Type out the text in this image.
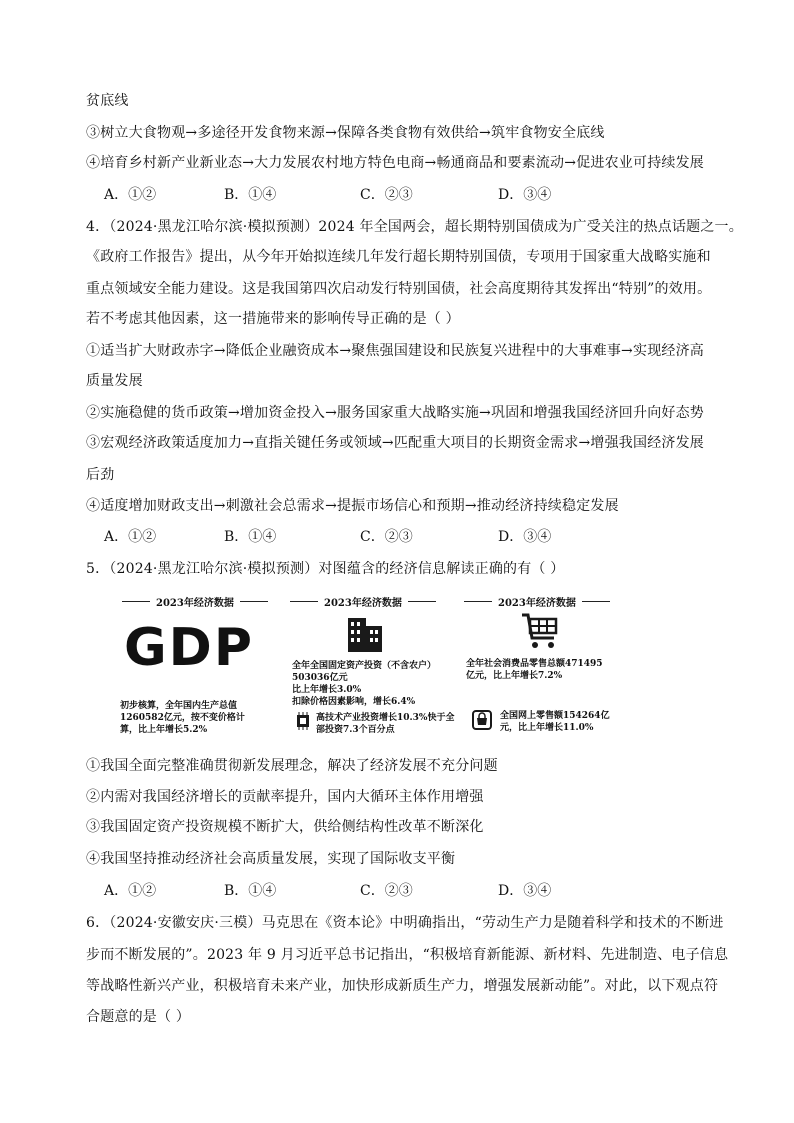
贫底线
③树立大食物观→多途径开发食物来源→保障各类食物有效供给→筑牢食物安全底线
④培育乡村新产业新业态→大力发展农村地方特色电商→畅通商品和要素流动→促进农业可持续发展
A．①②	B．①④	C．②③	D．③④
4．（2024·黑龙江哈尔滨·模拟预测）2024 年全国两会，超长期特别国债成为广受关注的热点话题之一。
《政府工作报告》提出，从今年开始拟连续几年发行超长期特别国债，专项用于国家重大战略实施和
重点领域安全能力建设。这是我国第四次启动发行特别国债，社会高度期待其发挥出“特别”的效用。
若不考虑其他因素，这一措施带来的影响传导正确的是（ ）
①适当扩大财政赤字→降低企业融资成本→聚焦强国建设和民族复兴进程中的大事难事→实现经济高
质量发展
②实施稳健的货币政策→增加资金投入→服务国家重大战略实施→巩固和增强我国经济回升向好态势
③宏观经济政策适度加力→直指关键任务或领域→匹配重大项目的长期资金需求→增强我国经济发展
后劲
④适度增加财政支出→刺激社会总需求→提振市场信心和预期→推动经济持续稳定发展
A．①②	B．①④	C．②③	D．③④
5．（2024·黑龙江哈尔滨·模拟预测）对图蕴含的经济信息解读正确的有（ ）
2023年经济数据	2023年经济数据	2023年经济数据
GDP
初步核算，全年国内生产总值1260582亿元，按不变价格计算，比上年增长5.2%
全年全国固定资产投资（不含农户）
503036亿元
比上年增长3.0%
扣除价格因素影响，增长6.4%
高技术产业投资增长10.3%快于全部投资7.3个百分点
全年社会消费品零售总额471495亿元，比上年增长7.2%
全国网上零售额154264亿元，比上年增长11.0%
①我国全面完整准确贯彻新发展理念，解决了经济发展不充分问题
②内需对我国经济增长的贡献率提升，国内大循环主体作用增强
③我国固定资产投资规模不断扩大，供给侧结构性改革不断深化
④我国坚持推动经济社会高质量发展，实现了国际收支平衡
A．①②	B．①④	C．②③	D．③④
6．（2024·安徽安庆·三模）马克思在《资本论》中明确指出，“劳动生产力是随着科学和技术的不断进
步而不断发展的”。2023 年 9 月习近平总书记指出，“积极培育新能源、新材料、先进制造、电子信息
等战略性新兴产业，积极培育未来产业，加快形成新质生产力，增强发展新动能”。对此，以下观点符
合题意的是（ ）
